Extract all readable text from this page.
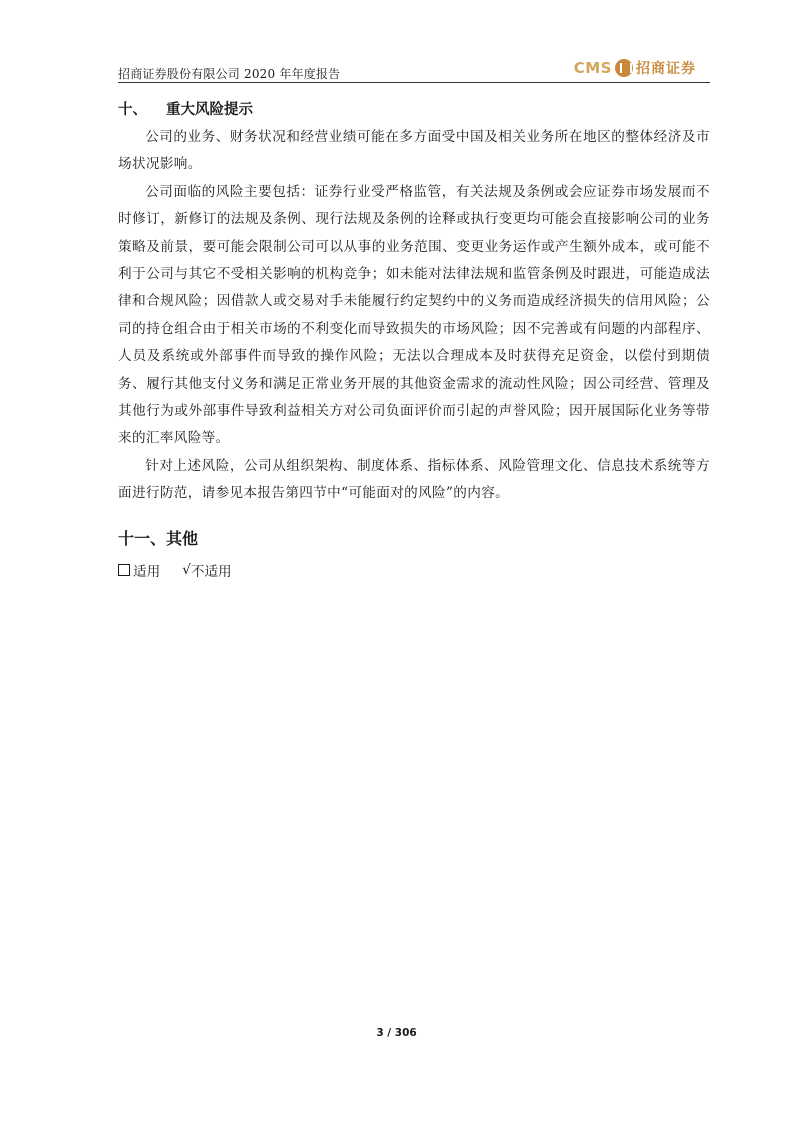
招商证券股份有限公司 2020 年年度报告	CMS 招商证券
十、 重大风险提示

公司的业务、财务状况和经营业绩可能在多方面受中国及相关业务所在地区的整体经济及市场状况影响。

公司面临的风险主要包括：证券行业受严格监管，有关法规及条例或会应证券市场发展而不时修订，新修订的法规及条例、现行法规及条例的诠释或执行变更均可能会直接影响公司的业务策略及前景，要可能会限制公司可以从事的业务范围、变更业务运作或产生额外成本，或可能不利于公司与其它不受相关影响的机构竞争；如未能对法律法规和监管条例及时跟进，可能造成法律和合规风险；因借款人或交易对手未能履行约定契约中的义务而造成经济损失的信用风险；公司的持仓组合由于相关市场的不利变化而导致损失的市场风险；因不完善或有问题的内部程序、人员及系统或外部事件而导致的操作风险；无法以合理成本及时获得充足资金，以偿付到期债务、履行其他支付义务和满足正常业务开展的其他资金需求的流动性风险；因公司经营、管理及其他行为或外部事件导致利益相关方对公司负面评价而引起的声誉风险；因开展国际化业务等带来的汇率风险等。

针对上述风险，公司从组织架构、制度体系、指标体系、风险管理文化、信息技术系统等方面进行防范，请参见本报告第四节中“可能面对的风险”的内容。

十一、其他
适用 √ 不适用
3 / 306
